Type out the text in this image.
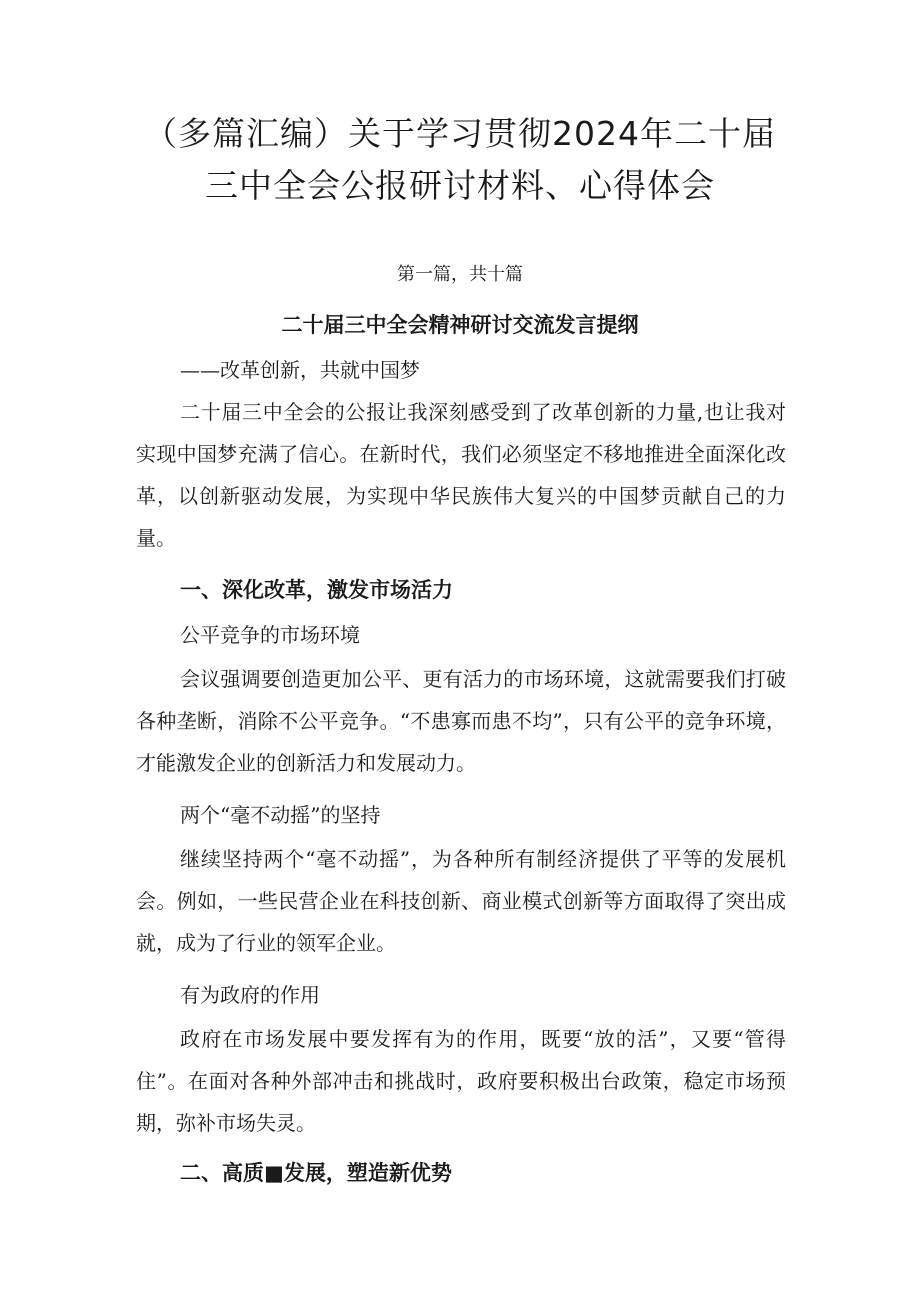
（多篇汇编）关于学习贯彻2024年二十届
三中全会公报研讨材料、心得体会
第一篇，共十篇
二十届三中全会精神研讨交流发言提纲

——改革创新，共就中国梦

二十届三中全会的公报让我深刻感受到了改革创新的力量,也让我对实现中国梦充满了信心。在新时代，我们必须坚定不移地推进全面深化改革，以创新驱动发展，为实现中华民族伟大复兴的中国梦贡献自己的力量。

一、深化改革，激发市场活力

公平竞争的市场环境

会议强调要创造更加公平、更有活力的市场环境，这就需要我们打破各种垄断，消除不公平竞争。“不患寡而患不均”，只有公平的竞争环境，才能激发企业的创新活力和发展动力。

两个“毫不动摇”的坚持

继续坚持两个“毫不动摇”，为各种所有制经济提供了平等的发展机会。例如，一些民营企业在科技创新、商业模式创新等方面取得了突出成就，成为了行业的领军企业。

有为政府的作用

政府在市场发展中要发挥有为的作用，既要“放的活”，又要“管得住”。在面对各种外部冲击和挑战时，政府要积极出台政策，稳定市场预期，弥补市场失灵。

二、高质■发展，塑造新优势
